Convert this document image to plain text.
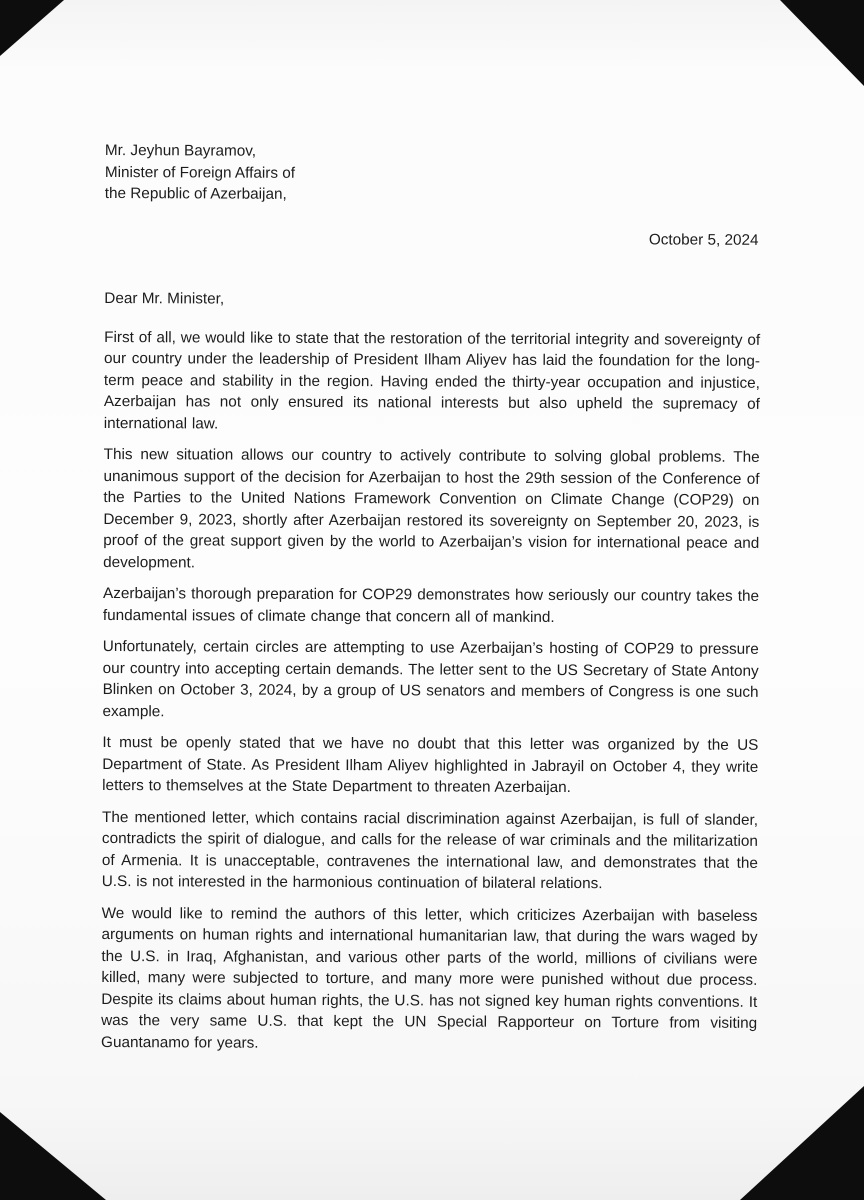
Mr. Jeyhun Bayramov,
Minister of Foreign Affairs of
the Republic of Azerbaijan,
October 5, 2024
Dear Mr. Minister,

First of all, we would like to state that the restoration of the territorial integrity and sovereignty of our country under the leadership of President Ilham Aliyev has laid the foundation for the long-term peace and stability in the region. Having ended the thirty-year occupation and injustice, Azerbaijan has not only ensured its national interests but also upheld the supremacy of international law.

This new situation allows our country to actively contribute to solving global problems. The unanimous support of the decision for Azerbaijan to host the 29th session of the Conference of the Parties to the United Nations Framework Convention on Climate Change (COP29) on December 9, 2023, shortly after Azerbaijan restored its sovereignty on September 20, 2023, is proof of the great support given by the world to Azerbaijan’s vision for international peace and development.

Azerbaijan’s thorough preparation for COP29 demonstrates how seriously our country takes the fundamental issues of climate change that concern all of mankind.

Unfortunately, certain circles are attempting to use Azerbaijan’s hosting of COP29 to pressure our country into accepting certain demands. The letter sent to the US Secretary of State Antony Blinken on October 3, 2024, by a group of US senators and members of Congress is one such example.

It must be openly stated that we have no doubt that this letter was organized by the US Department of State. As President Ilham Aliyev highlighted in Jabrayil on October 4, they write letters to themselves at the State Department to threaten Azerbaijan.

The mentioned letter, which contains racial discrimination against Azerbaijan, is full of slander, contradicts the spirit of dialogue, and calls for the release of war criminals and the militarization of Armenia. It is unacceptable, contravenes the international law, and demonstrates that the U.S. is not interested in the harmonious continuation of bilateral relations.

We would like to remind the authors of this letter, which criticizes Azerbaijan with baseless arguments on human rights and international humanitarian law, that during the wars waged by the U.S. in Iraq, Afghanistan, and various other parts of the world, millions of civilians were killed, many were subjected to torture, and many more were punished without due process. Despite its claims about human rights, the U.S. has not signed key human rights conventions. It was the very same U.S. that kept the UN Special Rapporteur on Torture from visiting Guantanamo for years.
